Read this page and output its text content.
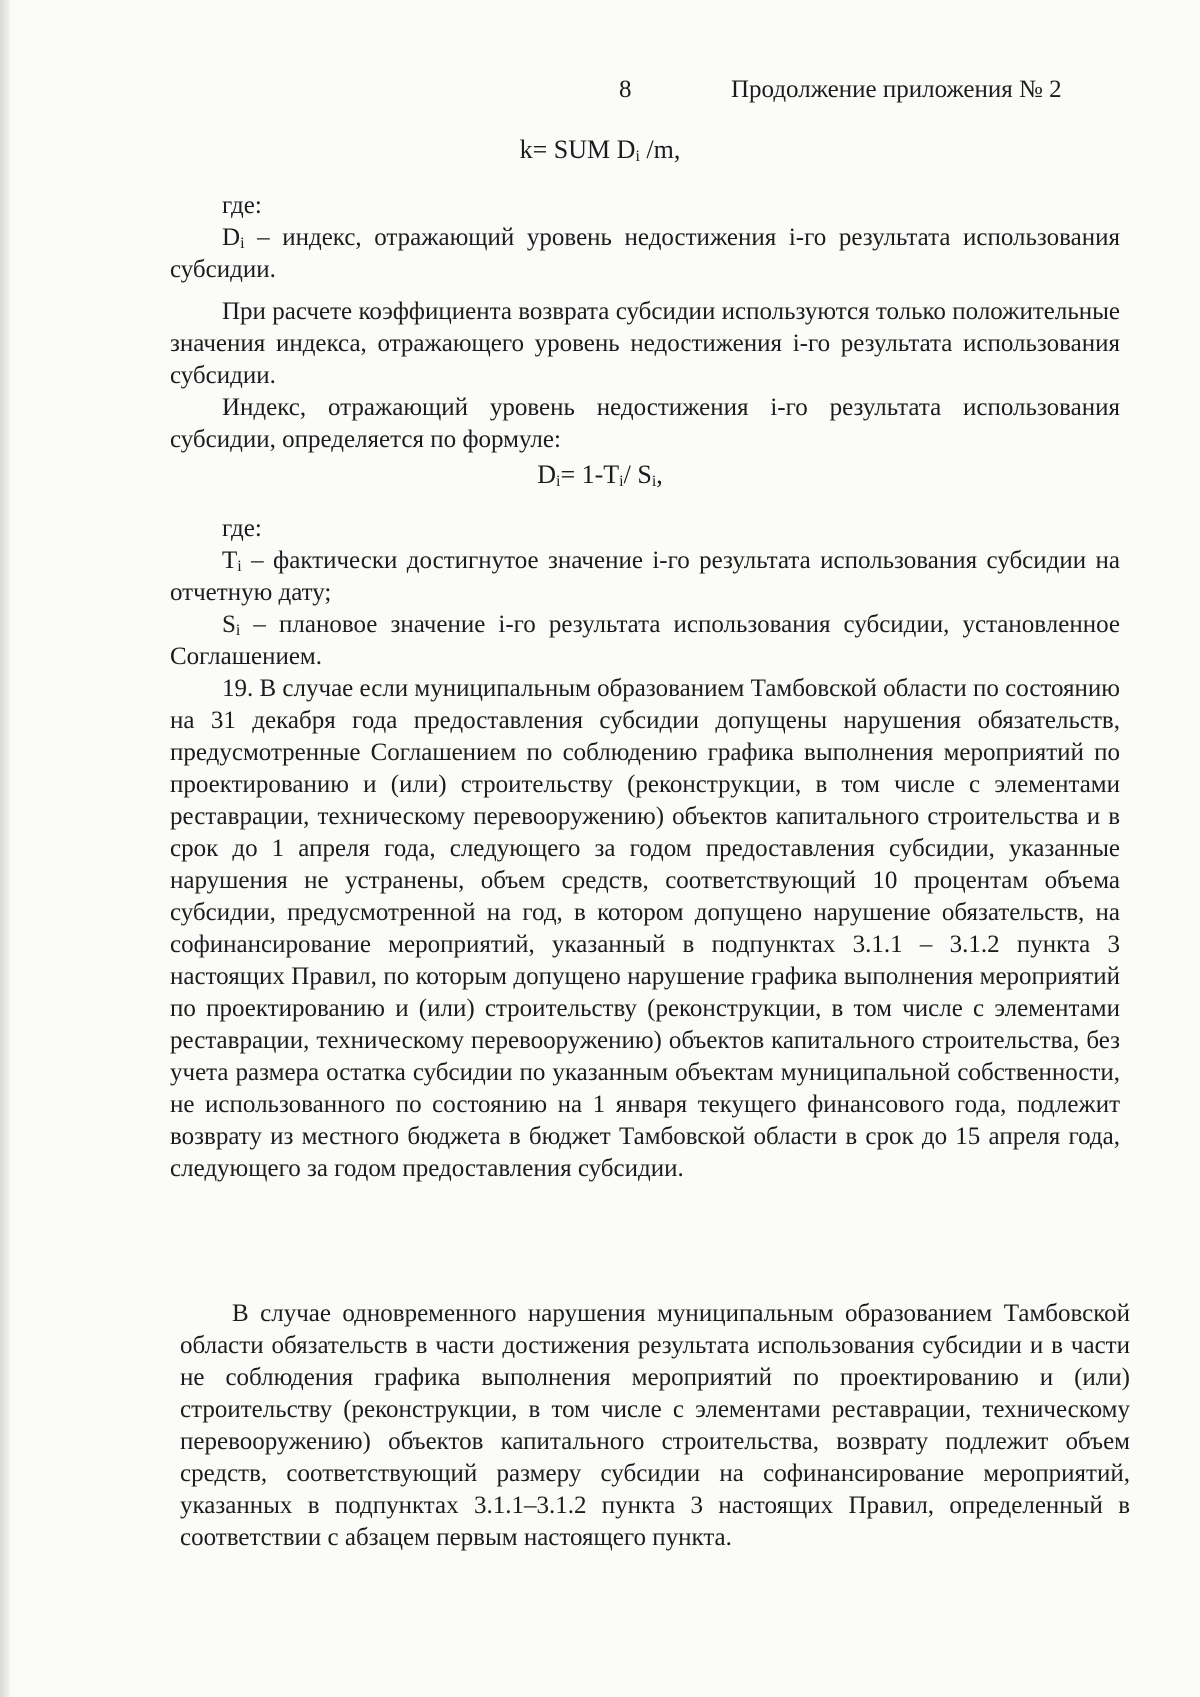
8	Продолжение приложения № 2
k= SUM $D_i$ /m,

где:

$D_i$ – индекс, отражающий уровень недостижения i-го результата использования субсидии.

При расчете коэффициента возврата субсидии используются только положительные значения индекса, отражающего уровень недостижения i-го результата использования субсидии.

Индекс, отражающий уровень недостижения i-го результата использования субсидии, определяется по формуле:

$D_i= 1-T_i/$ $S_i$,

где:

$T_i$ – фактически достигнутое значение i-го результата использования субсидии на отчетную дату;

$S_i$ – плановое значение i-го результата использования субсидии, установленное Соглашением.

19. В случае если муниципальным образованием Тамбовской области по состоянию на 31 декабря года предоставления субсидии допущены нарушения обязательств, предусмотренные Соглашением по соблюдению графика выполнения мероприятий по проектированию и (или) строительству (реконструкции, в том числе с элементами реставрации, техническому перевооружению) объектов капитального строительства и в срок до 1 апреля года, следующего за годом предоставления субсидии, указанные нарушения не устранены, объем средств, соответствующий 10 процентам объема субсидии, предусмотренной на год, в котором допущено нарушение обязательств, на софинансирование мероприятий, указанный в подпунктах 3.1.1 – 3.1.2 пункта 3 настоящих Правил, по которым допущено нарушение графика выполнения мероприятий по проектированию и (или) строительству (реконструкции, в том числе с элементами реставрации, техническому перевооружению) объектов капитального строительства, без учета размера остатка субсидии по указанным объектам муниципальной собственности, не использованного по состоянию на 1 января текущего финансового года, подлежит возврату из местного бюджета в бюджет Тамбовской области в срок до 15 апреля года, следующего за годом предоставления субсидии.

В случае одновременного нарушения муниципальным образованием Тамбовской области обязательств в части достижения результата использования субсидии и в части не соблюдения графика выполнения мероприятий по проектированию и (или) строительству (реконструкции, в том числе с элементами реставрации, техническому перевооружению) объектов капитального строительства, возврату подлежит объем средств, соответствующий размеру субсидии на софинансирование мероприятий, указанных в подпунктах 3.1.1–3.1.2 пункта 3 настоящих Правил, определенный в соответствии с абзацем первым настоящего пункта.
